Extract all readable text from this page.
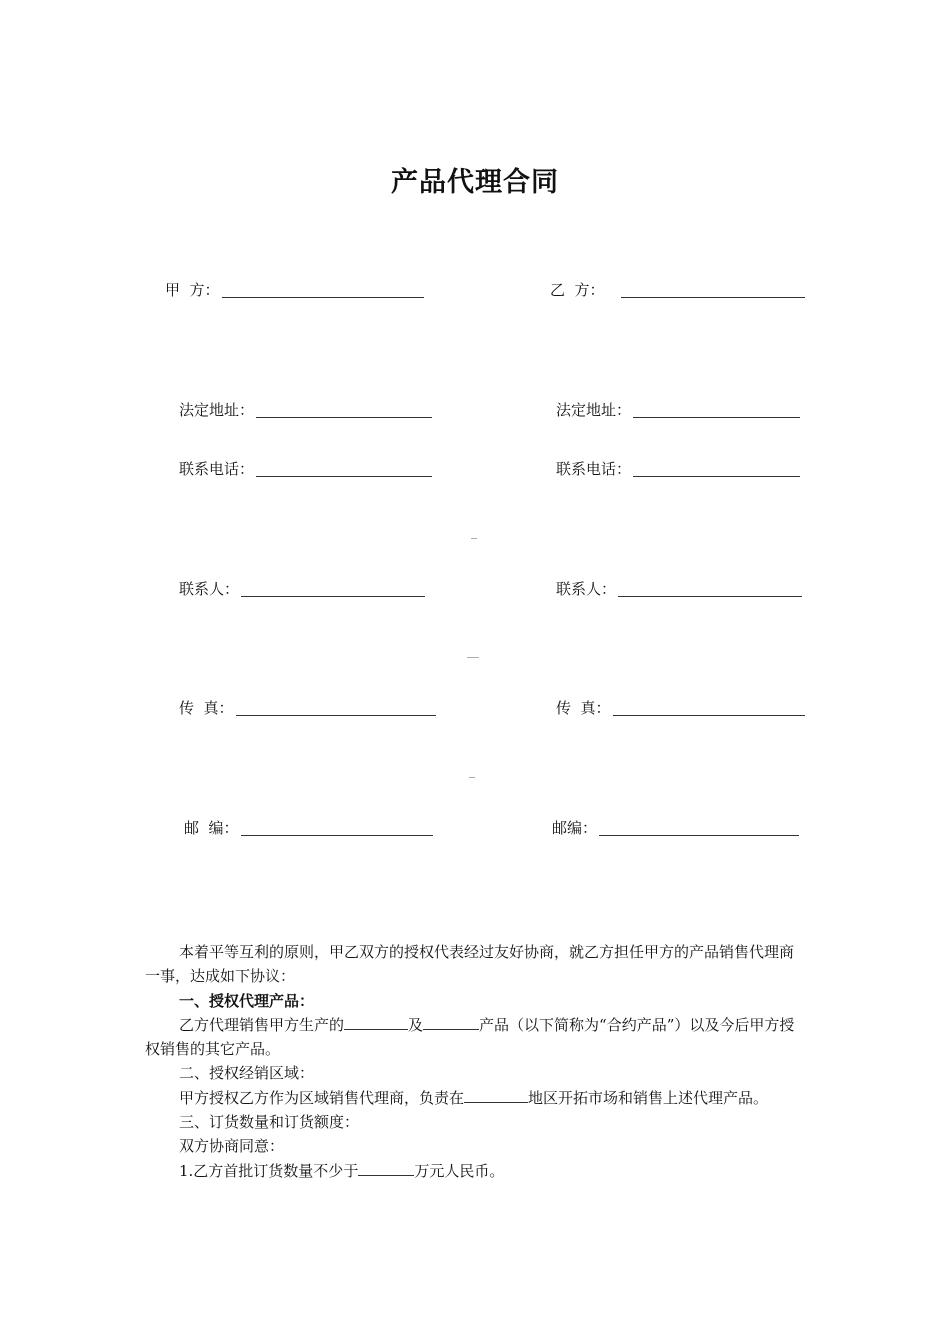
产品代理合同
甲  方：	乙  方：
法定地址：	法定地址：
联系电话：	联系电话：
_
联系人：	联系人：
__
传  真：	传  真：
_
邮  编：	邮编：

本着平等互利的原则，甲乙双方的授权代表经过友好协商，就乙方担任甲方的产品销售代理商一事，达成如下协议：

一、授权代理产品：

乙方代理销售甲方生产的	及	产品（以下简称为“合约产品”）以及今后甲方授权销售的其它产品。

二、授权经销区域：

甲方授权乙方作为区域销售代理商，负责在	地区开拓市场和销售上述代理产品。

三、订货数量和订货额度：

双方协商同意：

1.乙方首批订货数量不少于	万元人民币。
